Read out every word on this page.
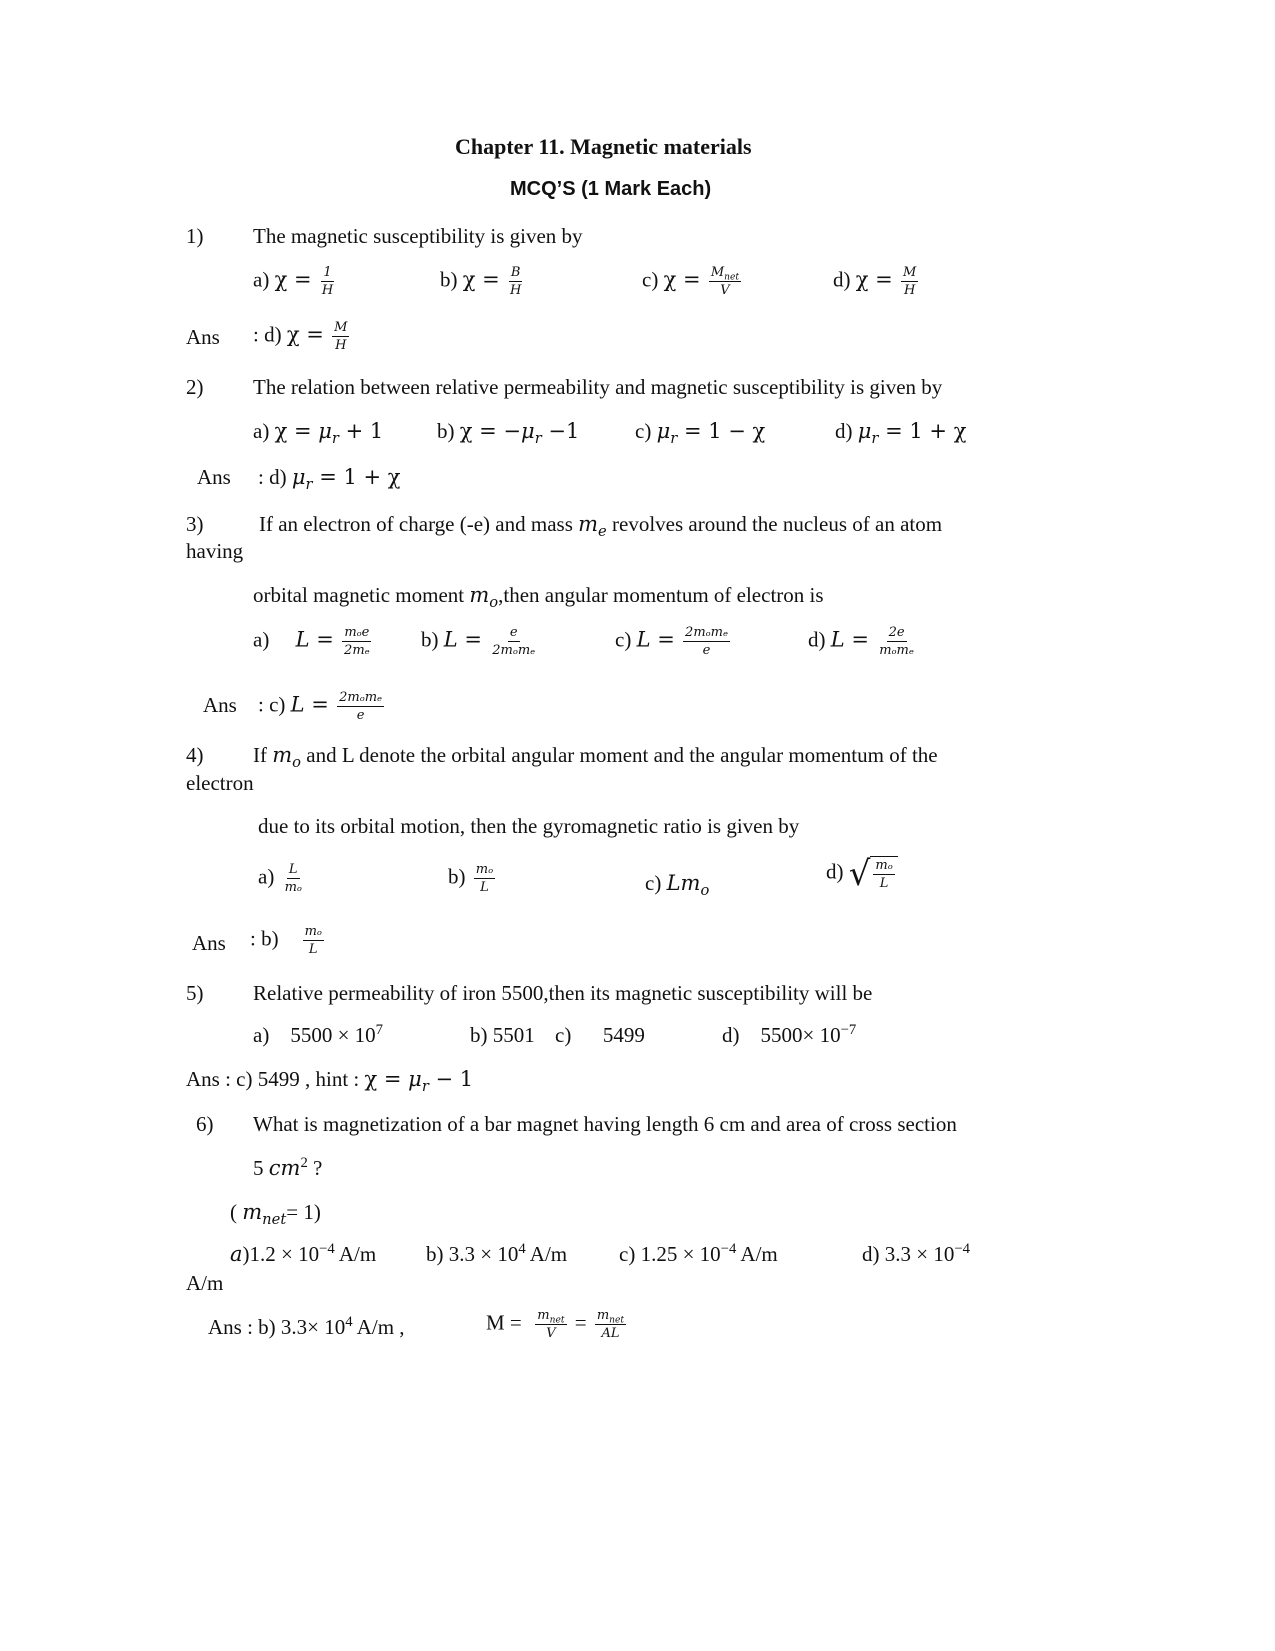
Chapter 11. Magnetic materials
MCQ’S (1 Mark Each)
1) The magnetic susceptibility is given by
a) $\chi = \frac{1}{H}$	b) $\chi = \frac{B}{H}$	c) $\chi = \frac{M_{net}}{V}$	d) $\chi = \frac{M}{H}$
Ans : d) $\chi = \frac{M}{H}$
2) The relation between relative permeability and magnetic susceptibility is given by
a) $\chi = \mu_r + 1$	b) $\chi = -\mu_r -1$	c) $\mu_r = 1 - \chi$	d) $\mu_r = 1 + \chi$
Ans : d) $\mu_r = 1 + \chi$
3)	If an electron of charge (-e) and mass $m_e$ revolves around the nucleus of an atom
having
orbital magnetic moment $m_o,then$ angular momentum of electron is
a) $L = \frac{\text{mₒe}}{\text{2mₑ}} b$) $L = \frac{e}{\text{2mₒmₑ}}$	c) $L = \frac{\text{2mₒmₑ}}{e}$	d) $L = \frac{2e}{\text{mₒmₑ}}$
Ans : c) $L = \frac{\text{2mₒmₑ}}{e}$
4) If $m_o$ and L denote the orbital angular moment and the angular momentum of the
electron
due to its orbital motion, then the gyromagnetic ratio is given by
$a) \frac{L}{\text{mₒ}}$	$b) \frac{\text{mₒ}}{L}$	c) $Lm_o$
d) √ $\frac{\text{mₒ}}{L}$
Ans : $b) \frac{\text{mₒ}}{L}$
5) Relative permeability of iron 5500,then its magnetic susceptibility will be
a) $5500 \times 10^7$	b) 5501 c) 5499	d) $5500\times 10^{-7}$
Ans : c) 5499 , hint : $\chi = \mu_r - 1$
6) What is magnetization of a bar magnet having length 6 cm and area of cross section
5 $cm^2$ ?
( $m_{net}= 1$)
$a)1.2 \times 10^{-4}$ A/m b) $3.3 \times 10^4$ A/m c) $1.25 \times 10^{-4}$ A/m	d) $3.3 \times 10^{-4}$
A/m
Ans : b) $3.3\times 10^4$ A/m ,	$M = \frac{m_{net}}{V} = \frac{m_{net}}{AL}$
